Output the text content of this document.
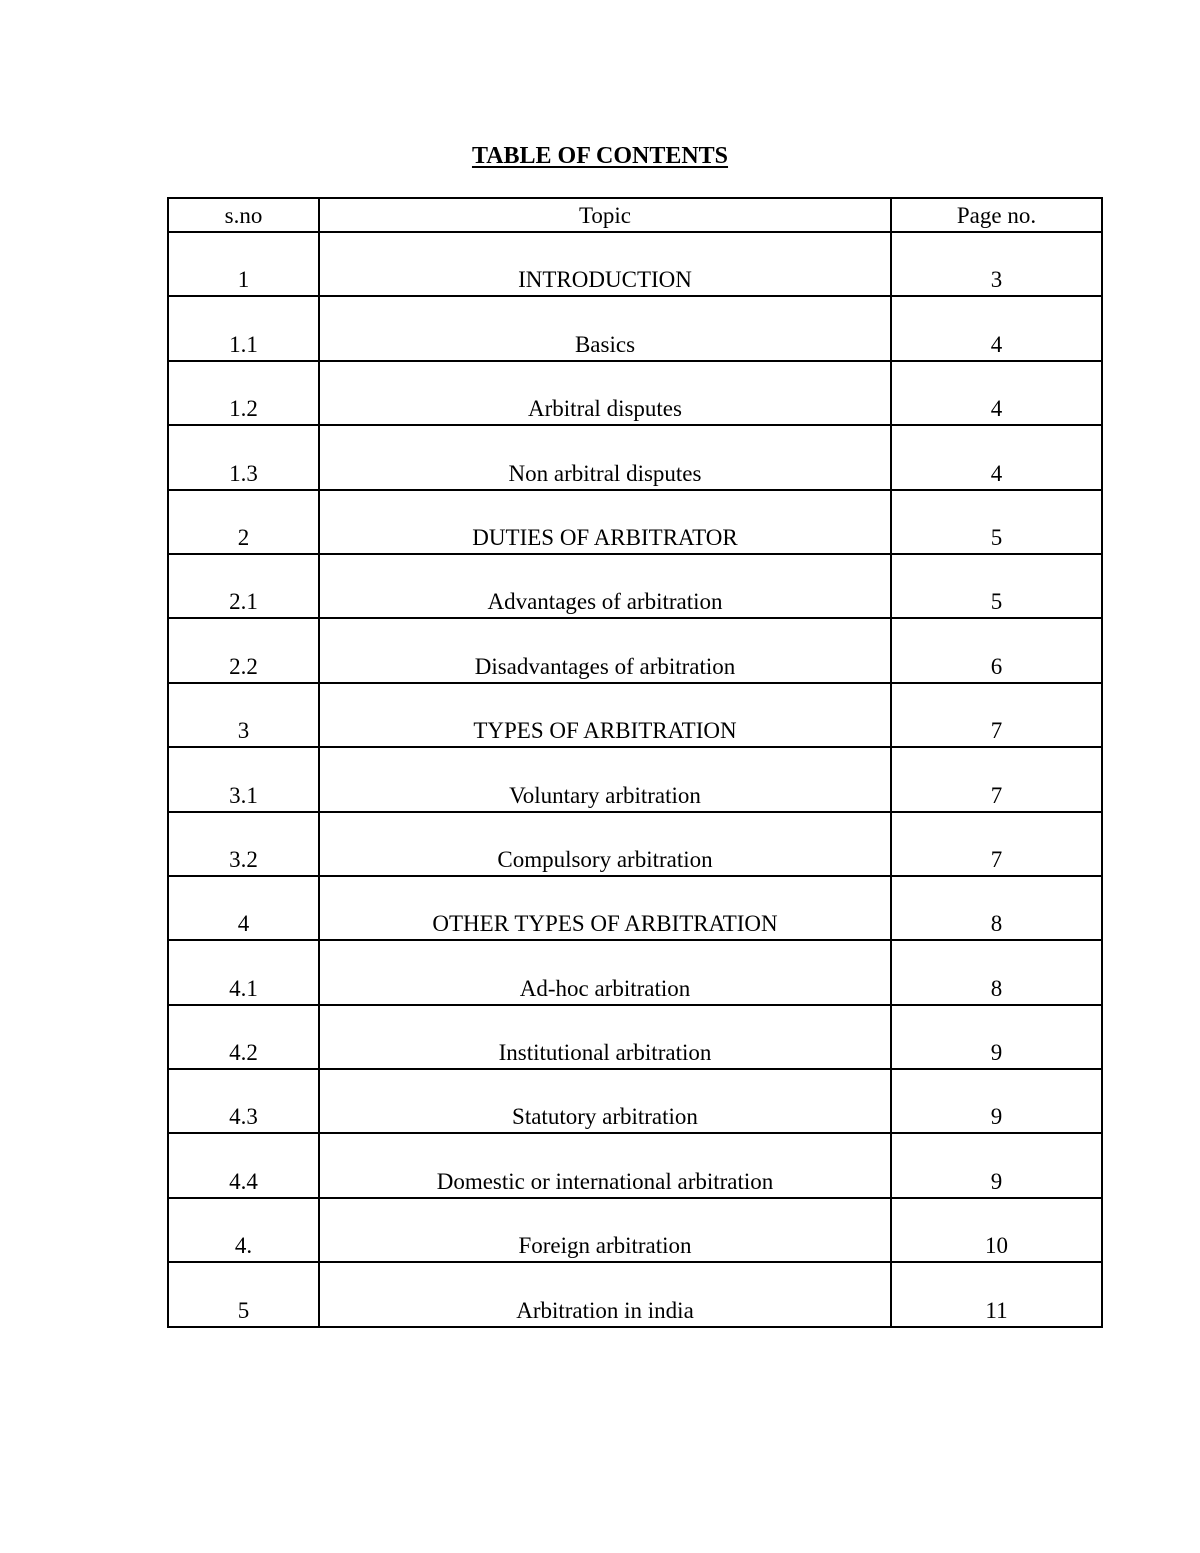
TABLE OF CONTENTS
s.no	Topic	Page no.
1	INTRODUCTION	3
1.1	Basics	4
1.2	Arbitral disputes	4
1.3	Non arbitral disputes	4
2	DUTIES OF ARBITRATOR	5
2.1	Advantages of arbitration	5
2.2	Disadvantages of arbitration	6
3	TYPES OF ARBITRATION	7
3.1	Voluntary arbitration	7
3.2	Compulsory arbitration	7
4	OTHER TYPES OF ARBITRATION	8
4.1	Ad-hoc arbitration	8
4.2	Institutional arbitration	9
4.3	Statutory arbitration	9
4.4	Domestic or international arbitration	9
4.	Foreign arbitration	10
5	Arbitration in india	11
